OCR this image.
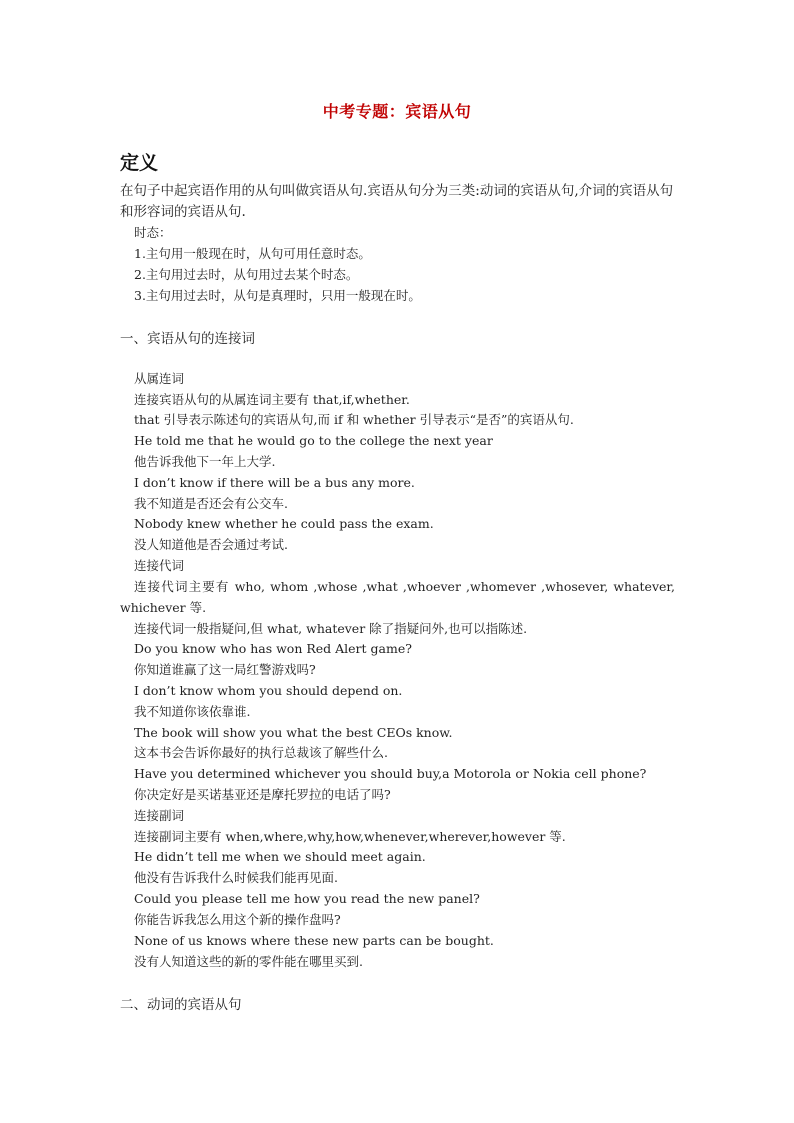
中考专题：宾语从句
定义
在句子中起宾语作用的从句叫做宾语从句.宾语从句分为三类:动词的宾语从句,介词的宾语从句和形容词的宾语从句.
时态：
1.主句用一般现在时，从句可用任意时态。
2.主句用过去时，从句用过去某个时态。
3.主句用过去时，从句是真理时，只用一般现在时。
一、宾语从句的连接词
从属连词
连接宾语从句的从属连词主要有 that,if,whether.
that 引导表示陈述句的宾语从句,而 if 和 whether 引导表示“是否”的宾语从句.
He told me that he would go to the college the next year
他告诉我他下一年上大学.
I don’t know if there will be a bus any more.
我不知道是否还会有公交车.
Nobody knew whether he could pass the exam.
没人知道他是否会通过考试.
连接代词
连接代词主要有 who, whom ,whose ,what ,whoever ,whomever ,whosever, whatever,
whichever 等.
连接代词一般指疑问,但 what, whatever 除了指疑问外,也可以指陈述.
Do you know who has won Red Alert game?
你知道谁赢了这一局红警游戏吗?
I don’t know whom you should depend on.
我不知道你该依靠谁.
The book will show you what the best CEOs know.
这本书会告诉你最好的执行总裁该了解些什么.
Have you determined whichever you should buy,a Motorola or Nokia cell phone?
你决定好是买诺基亚还是摩托罗拉的电话了吗?
连接副词
连接副词主要有 when,where,why,how,whenever,wherever,however 等.
He didn’t tell me when we should meet again.
他没有告诉我什么时候我们能再见面.
Could you please tell me how you read the new panel?
你能告诉我怎么用这个新的操作盘吗?
None of us knows where these new parts can be bought.
没有人知道这些的新的零件能在哪里买到.
二、动词的宾语从句
